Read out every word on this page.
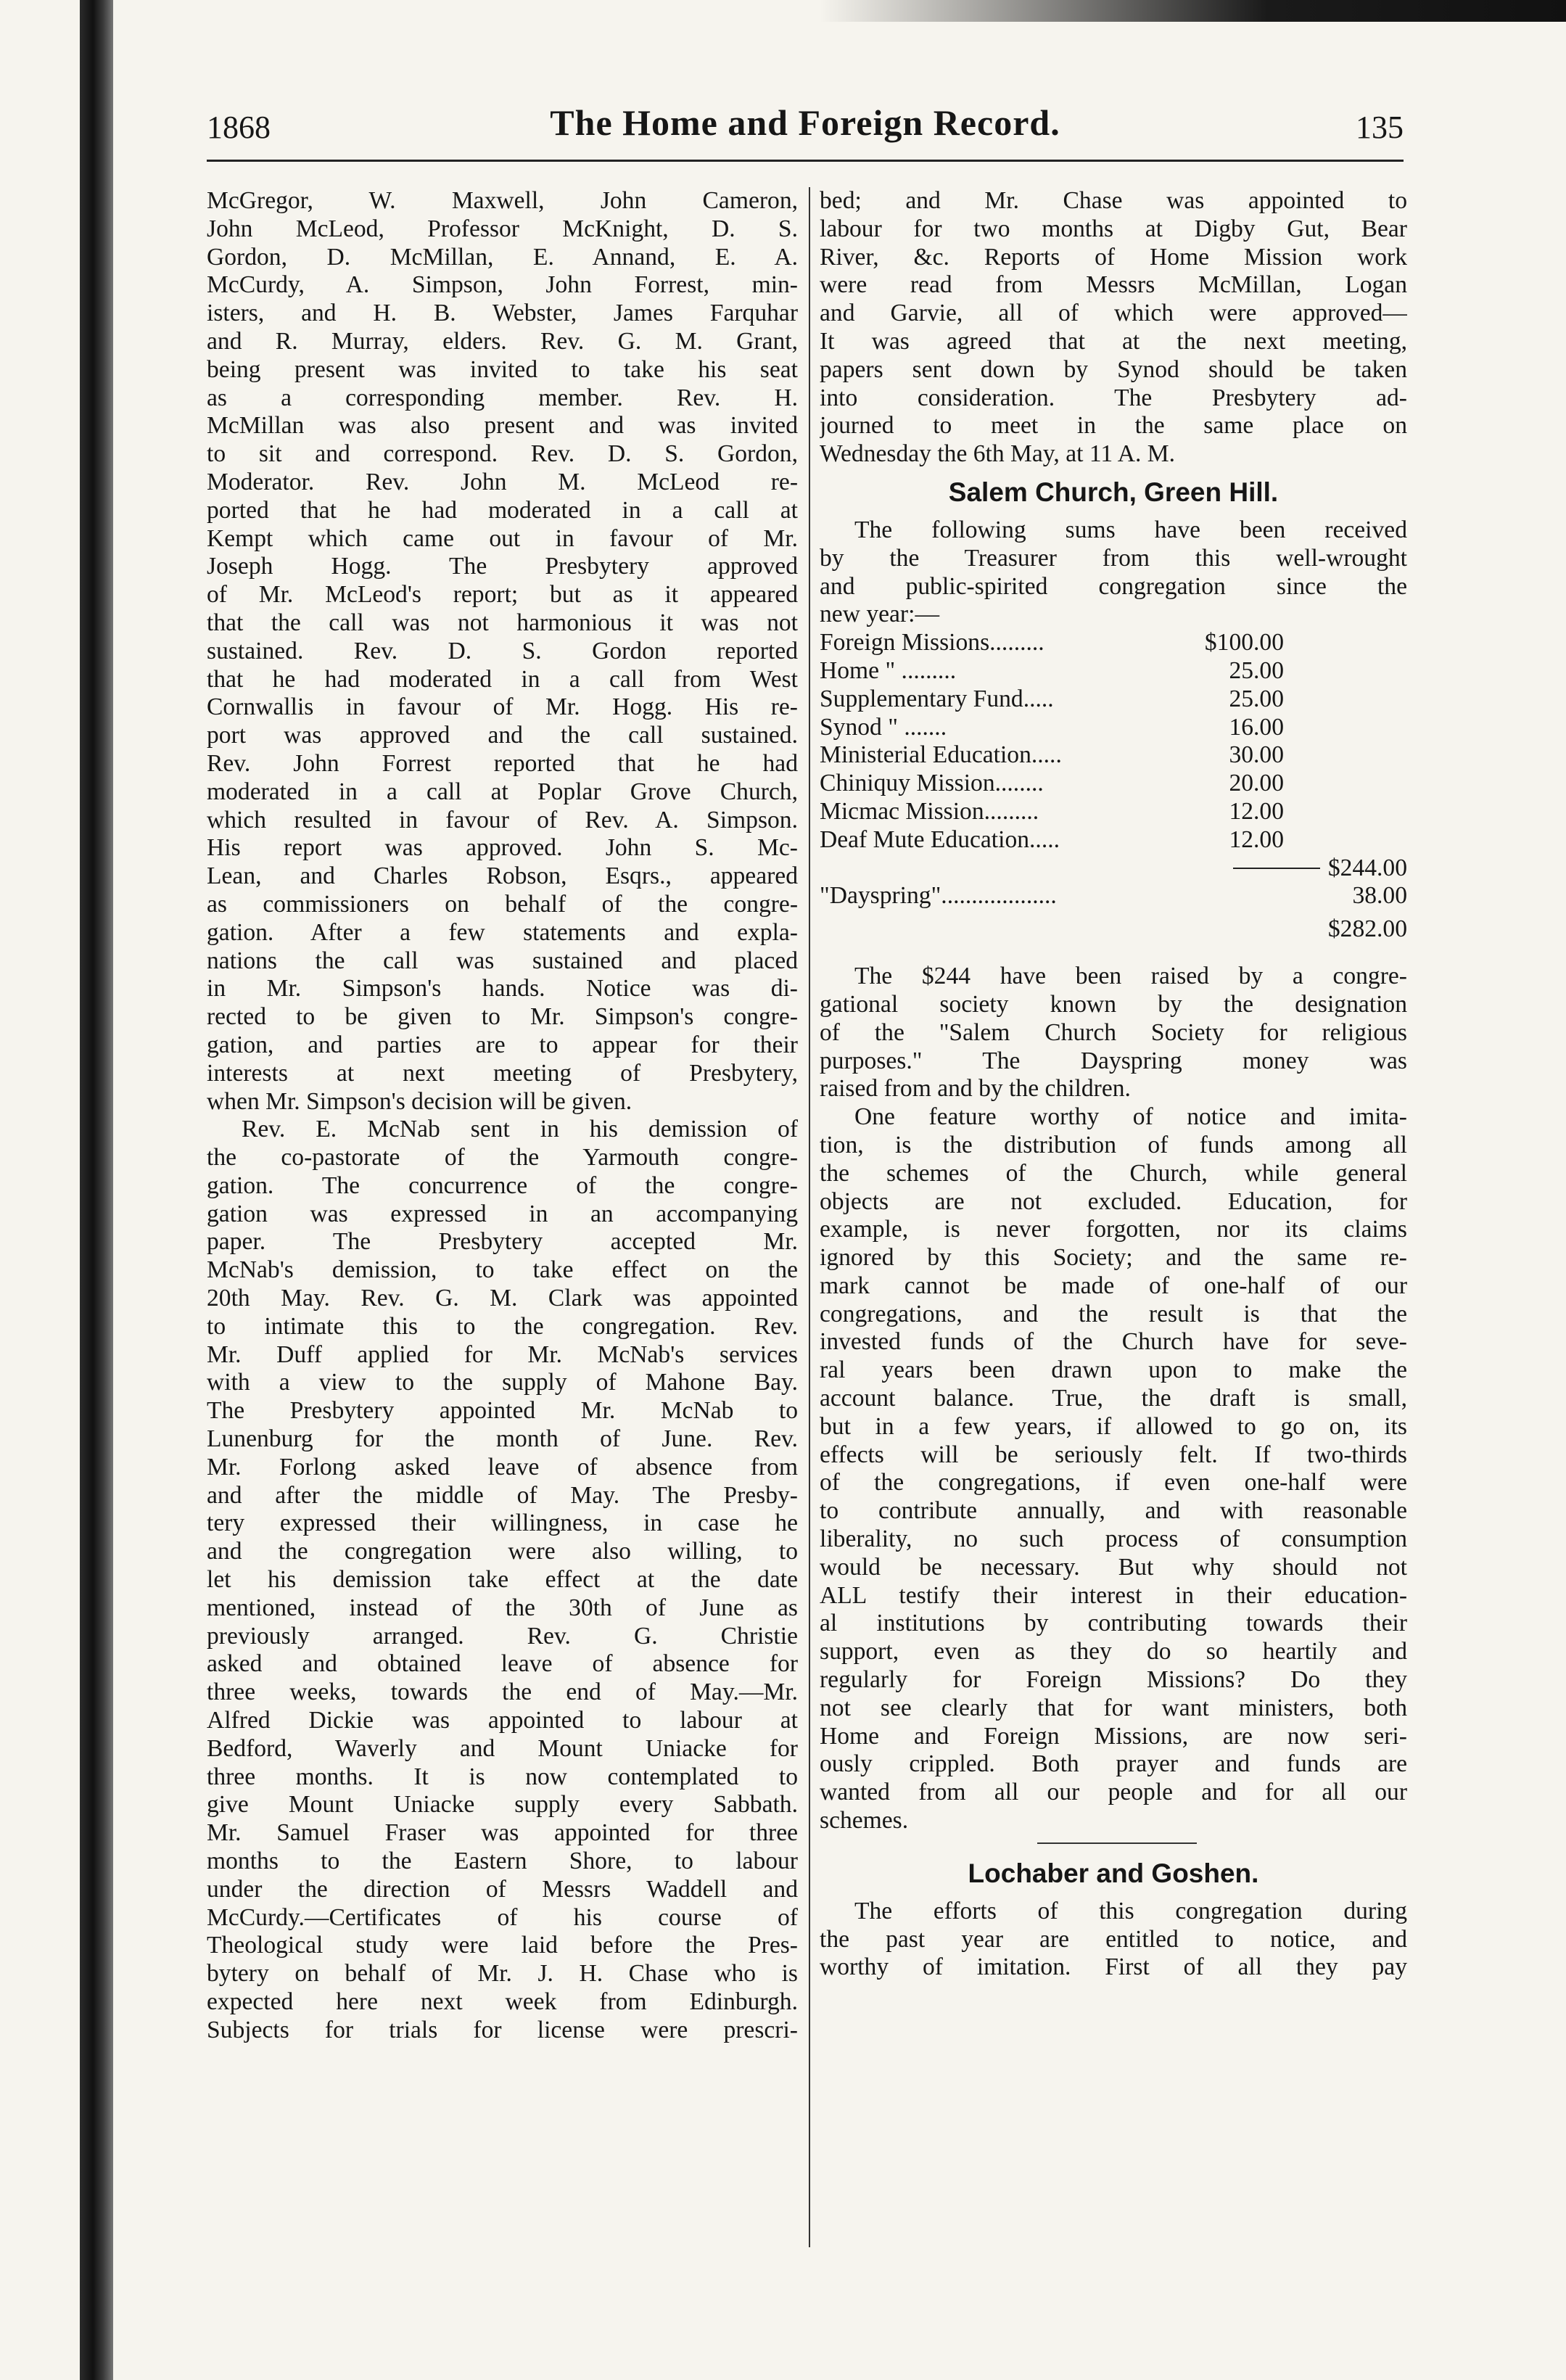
1868	The Home and Foreign Record.	135
McGregor, W. Maxwell, John Cameron,
John McLeod, Professor McKnight, D. S.
Gordon, D. McMillan, E. Annand, E. A.
McCurdy, A. Simpson, John Forrest, min-
isters, and H. B. Webster, James Farquhar
and R. Murray, elders. Rev. G. M. Grant,
being present was invited to take his seat
as a corresponding member. Rev. H.
McMillan was also present and was invited
to sit and correspond. Rev. D. S. Gordon,
Moderator. Rev. John M. McLeod re-
ported that he had moderated in a call at
Kempt which came out in favour of Mr.
Joseph Hogg. The Presbytery approved
of Mr. McLeod's report; but as it appeared
that the call was not harmonious it was not
sustained. Rev. D. S. Gordon reported
that he had moderated in a call from West
Cornwallis in favour of Mr. Hogg. His re-
port was approved and the call sustained.
Rev. John Forrest reported that he had
moderated in a call at Poplar Grove Church,
which resulted in favour of Rev. A. Simpson.
His report was approved. John S. Mc-
Lean, and Charles Robson, Esqrs., appeared
as commissioners on behalf of the congre-
gation. After a few statements and expla-
nations the call was sustained and placed
in Mr. Simpson's hands. Notice was di-
rected to be given to Mr. Simpson's congre-
gation, and parties are to appear for their
interests at next meeting of Presbytery,
when Mr. Simpson's decision will be given.
Rev. E. McNab sent in his demission of
the co-pastorate of the Yarmouth congre-
gation. The concurrence of the congre-
gation was expressed in an accompanying
paper. The Presbytery accepted Mr.
McNab's demission, to take effect on the
20th May. Rev. G. M. Clark was appointed
to intimate this to the congregation. Rev.
Mr. Duff applied for Mr. McNab's services
with a view to the supply of Mahone Bay.
The Presbytery appointed Mr. McNab to
Lunenburg for the month of June. Rev.
Mr. Forlong asked leave of absence from
and after the middle of May. The Presby-
tery expressed their willingness, in case he
and the congregation were also willing, to
let his demission take effect at the date
mentioned, instead of the 30th of June as
previously arranged. Rev. G. Christie
asked and obtained leave of absence for
three weeks, towards the end of May.—Mr.
Alfred Dickie was appointed to labour at
Bedford, Waverly and Mount Uniacke for
three months. It is now contemplated to
give Mount Uniacke supply every Sabbath.
Mr. Samuel Fraser was appointed for three
months to the Eastern Shore, to labour
under the direction of Messrs Waddell and
McCurdy.—Certificates of his course of
Theological study were laid before the Pres-
bytery on behalf of Mr. J. H. Chase who is
expected here next week from Edinburgh.
Subjects for trials for license were prescri-
bed; and Mr. Chase was appointed to
labour for two months at Digby Gut, Bear
River, &c. Reports of Home Mission work
were read from Messrs McMillan, Logan
and Garvie, all of which were approved—
It was agreed that at the next meeting,
papers sent down by Synod should be taken
into consideration. The Presbytery ad-
journed to meet in the same place on
Wednesday the 6th May, at 11 A. M.
Salem Church, Green Hill.
The following sums have been received
by the Treasurer from this well-wrought
and public-spirited congregation since the
new year:—
Foreign Missions.........	$100.00
Home " .........	25.00
Supplementary Fund.....	25.00
Synod " .......	16.00
Ministerial Education.....	30.00
Chiniquy Mission........	20.00
Micmac Mission.........	12.00
Deaf Mute Education.....	12.00
$244.00
"Dayspring"...................	38.00
$282.00
The $244 have been raised by a congre-
gational society known by the designation
of the "Salem Church Society for religious
purposes." The Dayspring money was
raised from and by the children.
One feature worthy of notice and imita-
tion, is the distribution of funds among all
the schemes of the Church, while general
objects are not excluded. Education, for
example, is never forgotten, nor its claims
ignored by this Society; and the same re-
mark cannot be made of one-half of our
congregations, and the result is that the
invested funds of the Church have for seve-
ral years been drawn upon to make the
account balance. True, the draft is small,
but in a few years, if allowed to go on, its
effects will be seriously felt. If two-thirds
of the congregations, if even one-half were
to contribute annually, and with reasonable
liberality, no such process of consumption
would be necessary. But why should not
ALL testify their interest in their education-
al institutions by contributing towards their
support, even as they do so heartily and
regularly for Foreign Missions? Do they
not see clearly that for want ministers, both
Home and Foreign Missions, are now seri-
ously crippled. Both prayer and funds are
wanted from all our people and for all our
schemes.
Lochaber and Goshen.
The efforts of this congregation during
the past year are entitled to notice, and
worthy of imitation. First of all they pay
